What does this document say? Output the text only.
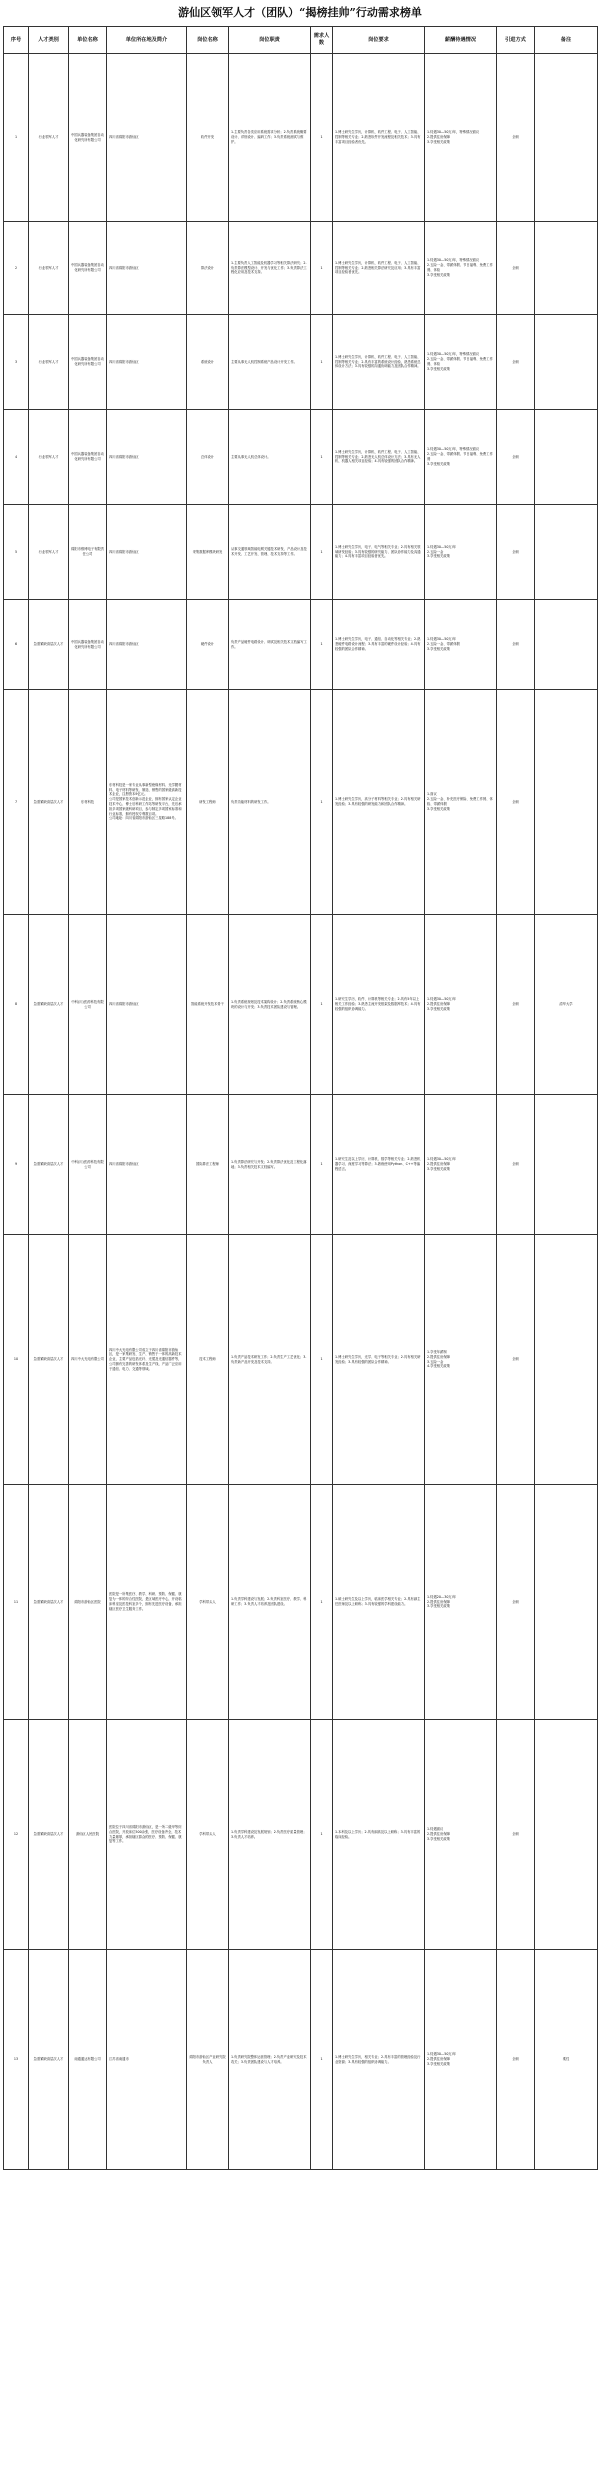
游仙区领军人才（团队）“揭榜挂帅”行动需求榜单
序号	人才类别	单位名称	单位所在地及简介	岗位名称	岗位职责	需求人数	岗位要求	薪酬待遇情况	引进方式	备注
1	行业领军人才	中国兵器装备集团自动化研究所有限公司	四川省绵阳市游仙区	软件开发	1.主要负责各类应用系统需求分析；2.负责系统概要设计、详细设计、编码工作；3.负责系统测试与维护。	1	1.博士研究生学历，计算机、软件工程、电子、人工智能、控制等相关专业；2.熟悉软件开发流程及相关技术；3.具有丰富项目经验者优先。	1.待遇30—50万/年，特殊情况面议
2.提供住房保障
3.享受相关政策	全职	
2	行业领军人才	中国兵器装备集团自动化研究所有限公司	四川省绵阳市游仙区	算法设计	1.主要负责人工智能及机器学习等相关算法研究；2.负责算法模型设计、开发与优化工作；3.负责算法工程化应用及技术支持。	1	1.博士研究生学历，计算机、软件工程、电子、人工智能、控制等相关专业；2.熟悉相关算法研究及应用；3.具有丰富项目经验者优先。	1.待遇30—50万/年，特殊情况面议
2.五险一金、带薪休假、节日福利、免费工作餐、体检
3.享受相关政策	全职	
3	行业领军人才	中国兵器装备集团自动化研究所有限公司	四川省绵阳市游仙区	系统设计	主要从事无人机控制系统产品设计开发工作。	1	1.博士研究生学历，计算机、软件工程、电子、人工智能、控制等相关专业；2.具有丰富的系统设计经验，熟悉系统总体设计方法；3.具有较强的沟通协调能力及团队合作精神。	1.待遇30—50万/年，特殊情况面议
2.五险一金、带薪休假、节日福利、免费工作餐、体检
3.享受相关政策	全职	
4	行业领军人才	中国兵器装备集团自动化研究所有限公司	四川省绵阳市游仙区	总体设计	主要从事无人机总体设计。	1	1.博士研究生学历，计算机、软件工程、电子、人工智能、控制等相关专业；2.熟悉无人机总体设计方法；3.具有无人机、机器人相关项目经验；4.具有较强的团队合作精神。	1.待遇30—50万/年，特殊情况面议
2.五险一金、带薪休假、节日福利、免费工作餐
3.享受相关政策	全职	
5	行业领军人才	绵阳市维博电子有限责任公司	四川省绵阳市游仙区	采集数据库模块研发	从事交通领域智能电网关键技术研发、产品设计及技术开发、工艺开发、管理、技术支持等工作。	1	1.博士研究生学历，电子、电气等相关专业；2.具有相关领域研发经验；3.具有较强的研究能力、团队协作能力及沟通能力；4.具有丰富项目经验者优先。	1.待遇30—50万/年
2.五险一金
3.享受相关政策	全职	
6	急需紧缺高层次人才	中国兵器装备集团自动化研究所有限公司	四川省绵阳市游仙区	硬件设计	负责产品硬件电路设计、调试及相关技术文档编写工作。	1	1.博士研究生学历，电子、通信、自动化等相关专业；2.熟悉硬件电路设计流程；3.具有丰富的硬件设计经验；4.具有较强的团队合作精神。	1.待遇30—50万/年
2.五险一金、带薪休假
3.享受相关政策	全职	
7	急需紧缺高层次人才	东材科技	东材科技是一家专业从事新型绝缘材料、光学膜材料、电子材料等研发、制造、销售的国家级高新技术企业，注册资本9亿元。
公司是国家技术创新示范企业，拥有国家认定企业技术中心、博士后科研工作站等研发平台，先后承担多项国家级科研项目，参与制定多项国家标准和行业标准，拥有授权专利数百项。
公司地址：四川省绵阳市游仙区三星路188号。	研发工程师	负责功能材料的研发工作。	1	1.博士研究生学历，高分子材料等相关专业；2.具有相关研发经验；3.具有较强的研发能力和团队合作精神。	1.面议
2.五险一金、补充医疗保险、免费工作餐、体检、带薪休假
3.享受相关政策	全职	
8	急需紧缺高层次人才	中科(川)医药科技有限公司	四川省绵阳市游仙区	智能系统开发技术骨干	1.负责系统规划及技术架构设计；2.负责系统核心模块的设计与开发；3.负责技术团队建设与管理。	1	1.研究生学历，软件、计算机等相关专业；2.具有5年以上相关工作经验；3.熟悉主流开发框架及数据库技术；4.具有较强的组织协调能力。	1.待遇30—50万/年
2.提供住房保障
3.享受相关政策	全职	清华大学
9	急需紧缺高层次人才	中科(川)医药科技有限公司	四川省绵阳市游仙区	国际算法工程师	1.负责算法研究与开发；2.负责算法优化及工程化落地；3.负责相关技术文档编写。	1	1.研究生及以上学历，计算机、数学等相关专业；2.熟悉机器学习、深度学习等算法；3.熟练使用Python、C++等编程语言。	1.待遇30—50万/年
2.提供住房保障
3.享受相关政策	全职	
10	急需紧缺高层次人才	四川中大光电有限公司	四川中大光电有限公司成立于四川省绵阳市游仙区，是一家集研发、生产、销售于一体的高新技术企业，主要产品包括光纤、光缆及光通信器件等，公司拥有完善的研发体系及生产线，产品广泛应用于通信、电力、交通等领域。	技术工程师	1.负责产品技术研发工作；2.负责生产工艺优化；3.负责新产品开发及技术支持。	1	1.博士研究生学历，光学、电子等相关专业；2.具有相关研发经验；3.具有较强的团队合作精神。	1.享受年薪制
2.提供住房保障
3.五险一金
4.享受相关政策	全职	
11	急需紧缺高层次人才	绵阳市游仙区医院	医院是一所集医疗、教学、科研、预防、保健、康复为一体的综合性医院，是区域医疗中心，开设临床科室及医技科室多个，拥有先进医疗设备，承担辖区医疗卫生服务工作。	学科带头人	1.负责学科建设与发展；2.负责科室医疗、教学、科研工作；3.负责人才培养及团队建设。	1	1.硕士研究生及以上学历，临床医学相关专业；2.具有副主任医师及以上职称；3.具有较强的学科建设能力。	1.待遇20—30万/年
2.提供住房保障
3.享受相关政策	全职	
12	急需紧缺高层次人才	游仙区人民医院	医院位于四川省绵阳市游仙区，是一所二级甲等综合医院，开放床位500余张，医疗设备齐全，技术力量雄厚，承担辖区群众的医疗、预防、保健、康复等工作。	学科带头人	1.负责学科建设及发展规划；2.负责医疗质量管理；3.负责人才培养。	1	1.本科及以上学历；2.具有副高及以上职称；3.具有丰富的临床经验。	1.待遇面议
2.提供住房保障
3.享受相关政策	全职	
13	急需紧缺高层次人才	南通通达有限公司	江苏省南通市	绵阳市游仙区产业研究院负责人	1.负责研究院整体运营管理；2.负责产业研究及技术攻关；3.负责团队建设与人才培养。	1	1.博士研究生学历，相关专业；2.具有丰富的管理经验及行业资源；3.具有较强的组织协调能力。	1.待遇30—50万/年
2.提供住房保障
3.享受相关政策	全职	柔性
